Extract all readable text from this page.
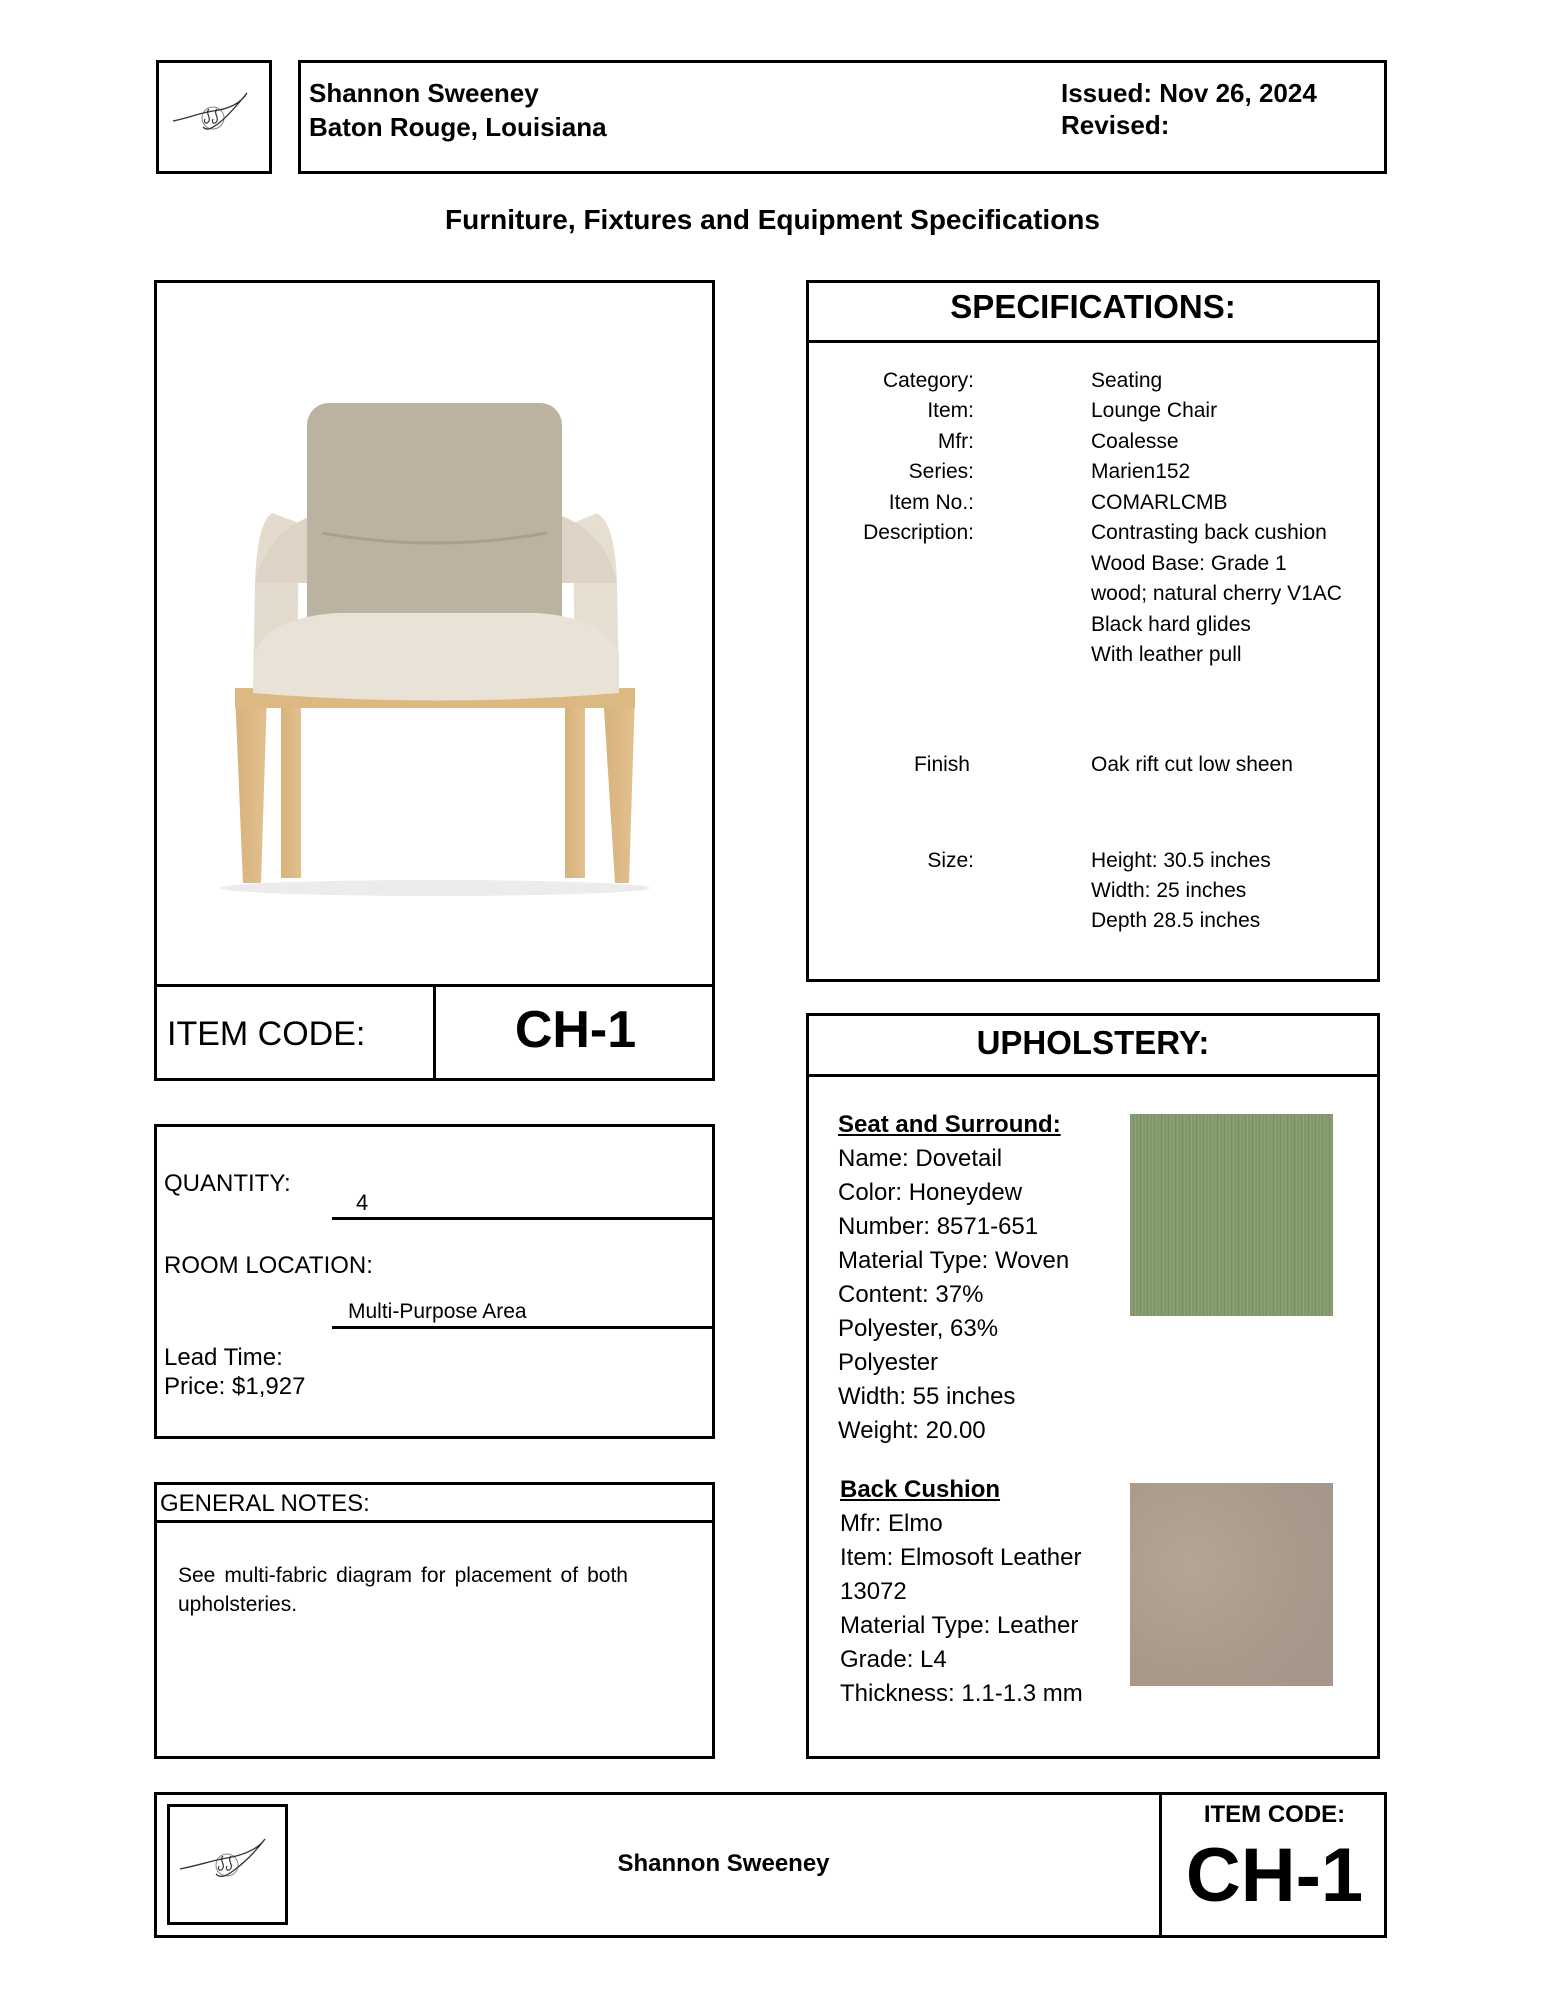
Shannon Sweeney
Baton Rouge, Louisiana
Issued: Nov 26, 2024
Revised:
Furniture, Fixtures and Equipment Specifications
ITEM CODE:	CH-1
QUANTITY:
4
ROOM LOCATION:
Multi-Purpose Area
Lead Time:
Price: $1,927
GENERAL NOTES:
See multi-fabric diagram for placement of both upholsteries.
SPECIFICATIONS:
Category:	Seating
Item:	Lounge Chair
Mfr:	Coalesse
Series:	Marien152
Item No.:	COMARLCMB
Description:	Contrasting back cushion
Wood Base: Grade 1
wood; natural cherry V1AC
Black hard glides
With leather pull
Finish	Oak rift cut low sheen
Size:	Height: 30.5 inches
Width: 25 inches
Depth 28.5 inches
UPHOLSTERY:
Seat and Surround:
Name: Dovetail
Color: Honeydew
Number: 8571-651
Material Type: Woven
Content: 37%
Polyester, 63%
Polyester
Width: 55 inches
Weight: 20.00
Back Cushion
Mfr: Elmo
Item: Elmosoft Leather
13072
Material Type: Leather
Grade: L4
Thickness: 1.1-1.3 mm
Shannon Sweeney
ITEM CODE:
CH-1
